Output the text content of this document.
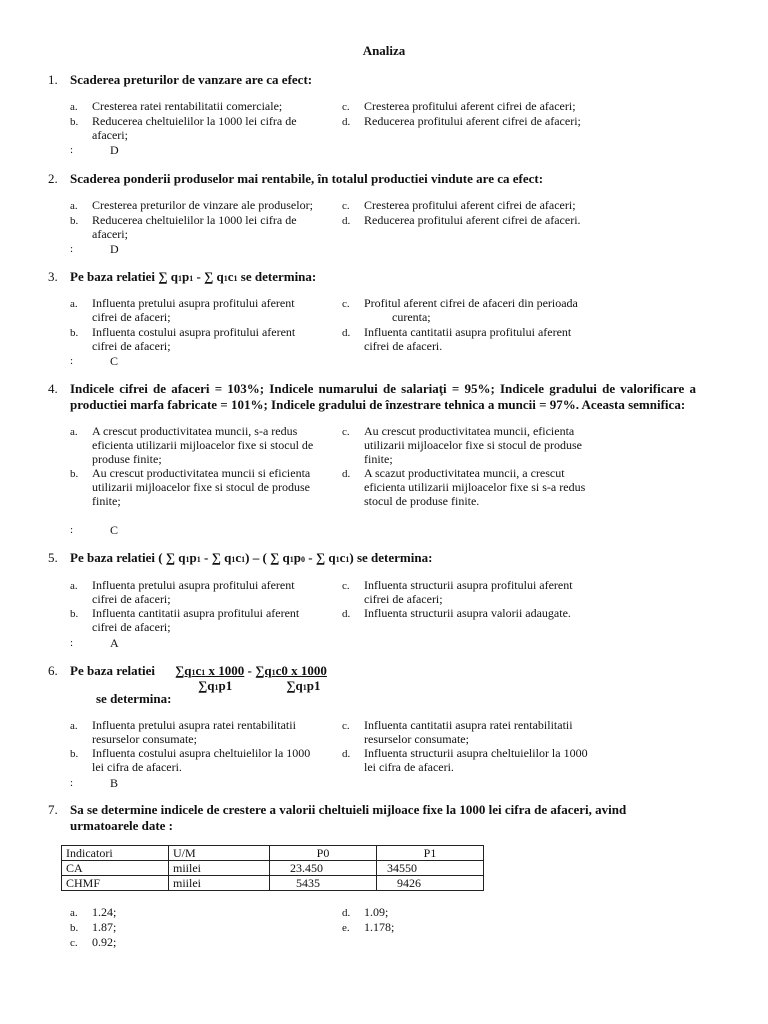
Analiza
1. Scaderea preturilor de vanzare are ca efect:
a. Cresterea ratei rentabilitatii comerciale;
b. Reducerea cheltuielilor la 1000 lei cifra de
afaceri;
c. Cresterea profitului aferent cifrei de afaceri;
d. Reducerea profitului aferent cifrei de afaceri;
:	D
2. Scaderea ponderii produselor mai rentabile, în totalul productiei vindute are ca efect:
a. Cresterea preturilor de vinzare ale produselor;
b. Reducerea cheltuielilor la 1000 lei cifra de
afaceri;
c. Cresterea profitului aferent cifrei de afaceri;
d. Reducerea profitului aferent cifrei de afaceri.
:	D
3. Pe baza relatiei ∑ q1p1 - ∑ q1c1 se determina:
a. Influenta pretului asupra profitului aferent
cifrei de afaceri;
b. Influenta costului asupra profitului aferent
cifrei de afaceri;
c. Profitul aferent cifrei de afaceri din perioada
curenta;
d. Influenta cantitatii asupra profitului aferent
cifrei de afaceri.
:	C
4. Indicele cifrei de afaceri = 103%; Indicele numarului de salariaţi = 95%; Indicele gradului de valorificare a productiei marfa fabricate = 101%; Indicele gradului de înzestrare tehnica a muncii = 97%. Aceasta semnifica:
a. A crescut productivitatea muncii, s-a redus
eficienta utilizarii mijloacelor fixe si stocul de
produse finite;
b. Au crescut productivitatea muncii si eficienta
utilizarii mijloacelor fixe si stocul de produse
finite;
c. Au crescut productivitatea muncii, eficienta
utilizarii mijloacelor fixe si stocul de produse
finite;
d. A scazut productivitatea muncii, a crescut
eficienta utilizarii mijloacelor fixe si s-a redus
stocul de produse finite.
:	C
5. Pe baza relatiei ( ∑ q1p1 - ∑ q1c1) – ( ∑ q1p0 - ∑ q1c1) se determina:
a. Influenta pretului asupra profitului aferent
cifrei de afaceri;
b. Influenta cantitatii asupra profitului aferent
cifrei de afaceri;
c. Influenta structurii asupra profitului aferent
cifrei de afaceri;
d. Influenta structurii asupra valorii adaugate.
:	A
6. Pe baza relatiei ∑q1c1 x 1000 - ∑q1c0 x 1000
∑q1p1	∑q1p1
se determina:
a. Influenta pretului asupra ratei rentabilitatii
resurselor consumate;
b. Influenta costului asupra cheltuielilor la 1000
lei cifra de afaceri.
c. Influenta cantitatii asupra ratei rentabilitatii
resurselor consumate;
d. Influenta structurii asupra cheltuielilor la 1000
lei cifra de afaceri.
:	B
7. Sa se determine indicele de crestere a valorii cheltuieli mijloace fixe la 1000 lei cifra de afaceri, avind urmatoarele date :
Indicatori	U/M	P0	P1
CA	miilei	23.450	34550
CHMF	miilei	5435	9426
a. 1.24;
b. 1.87;
c. 0.92;
d. 1.09;
e. 1.178;
